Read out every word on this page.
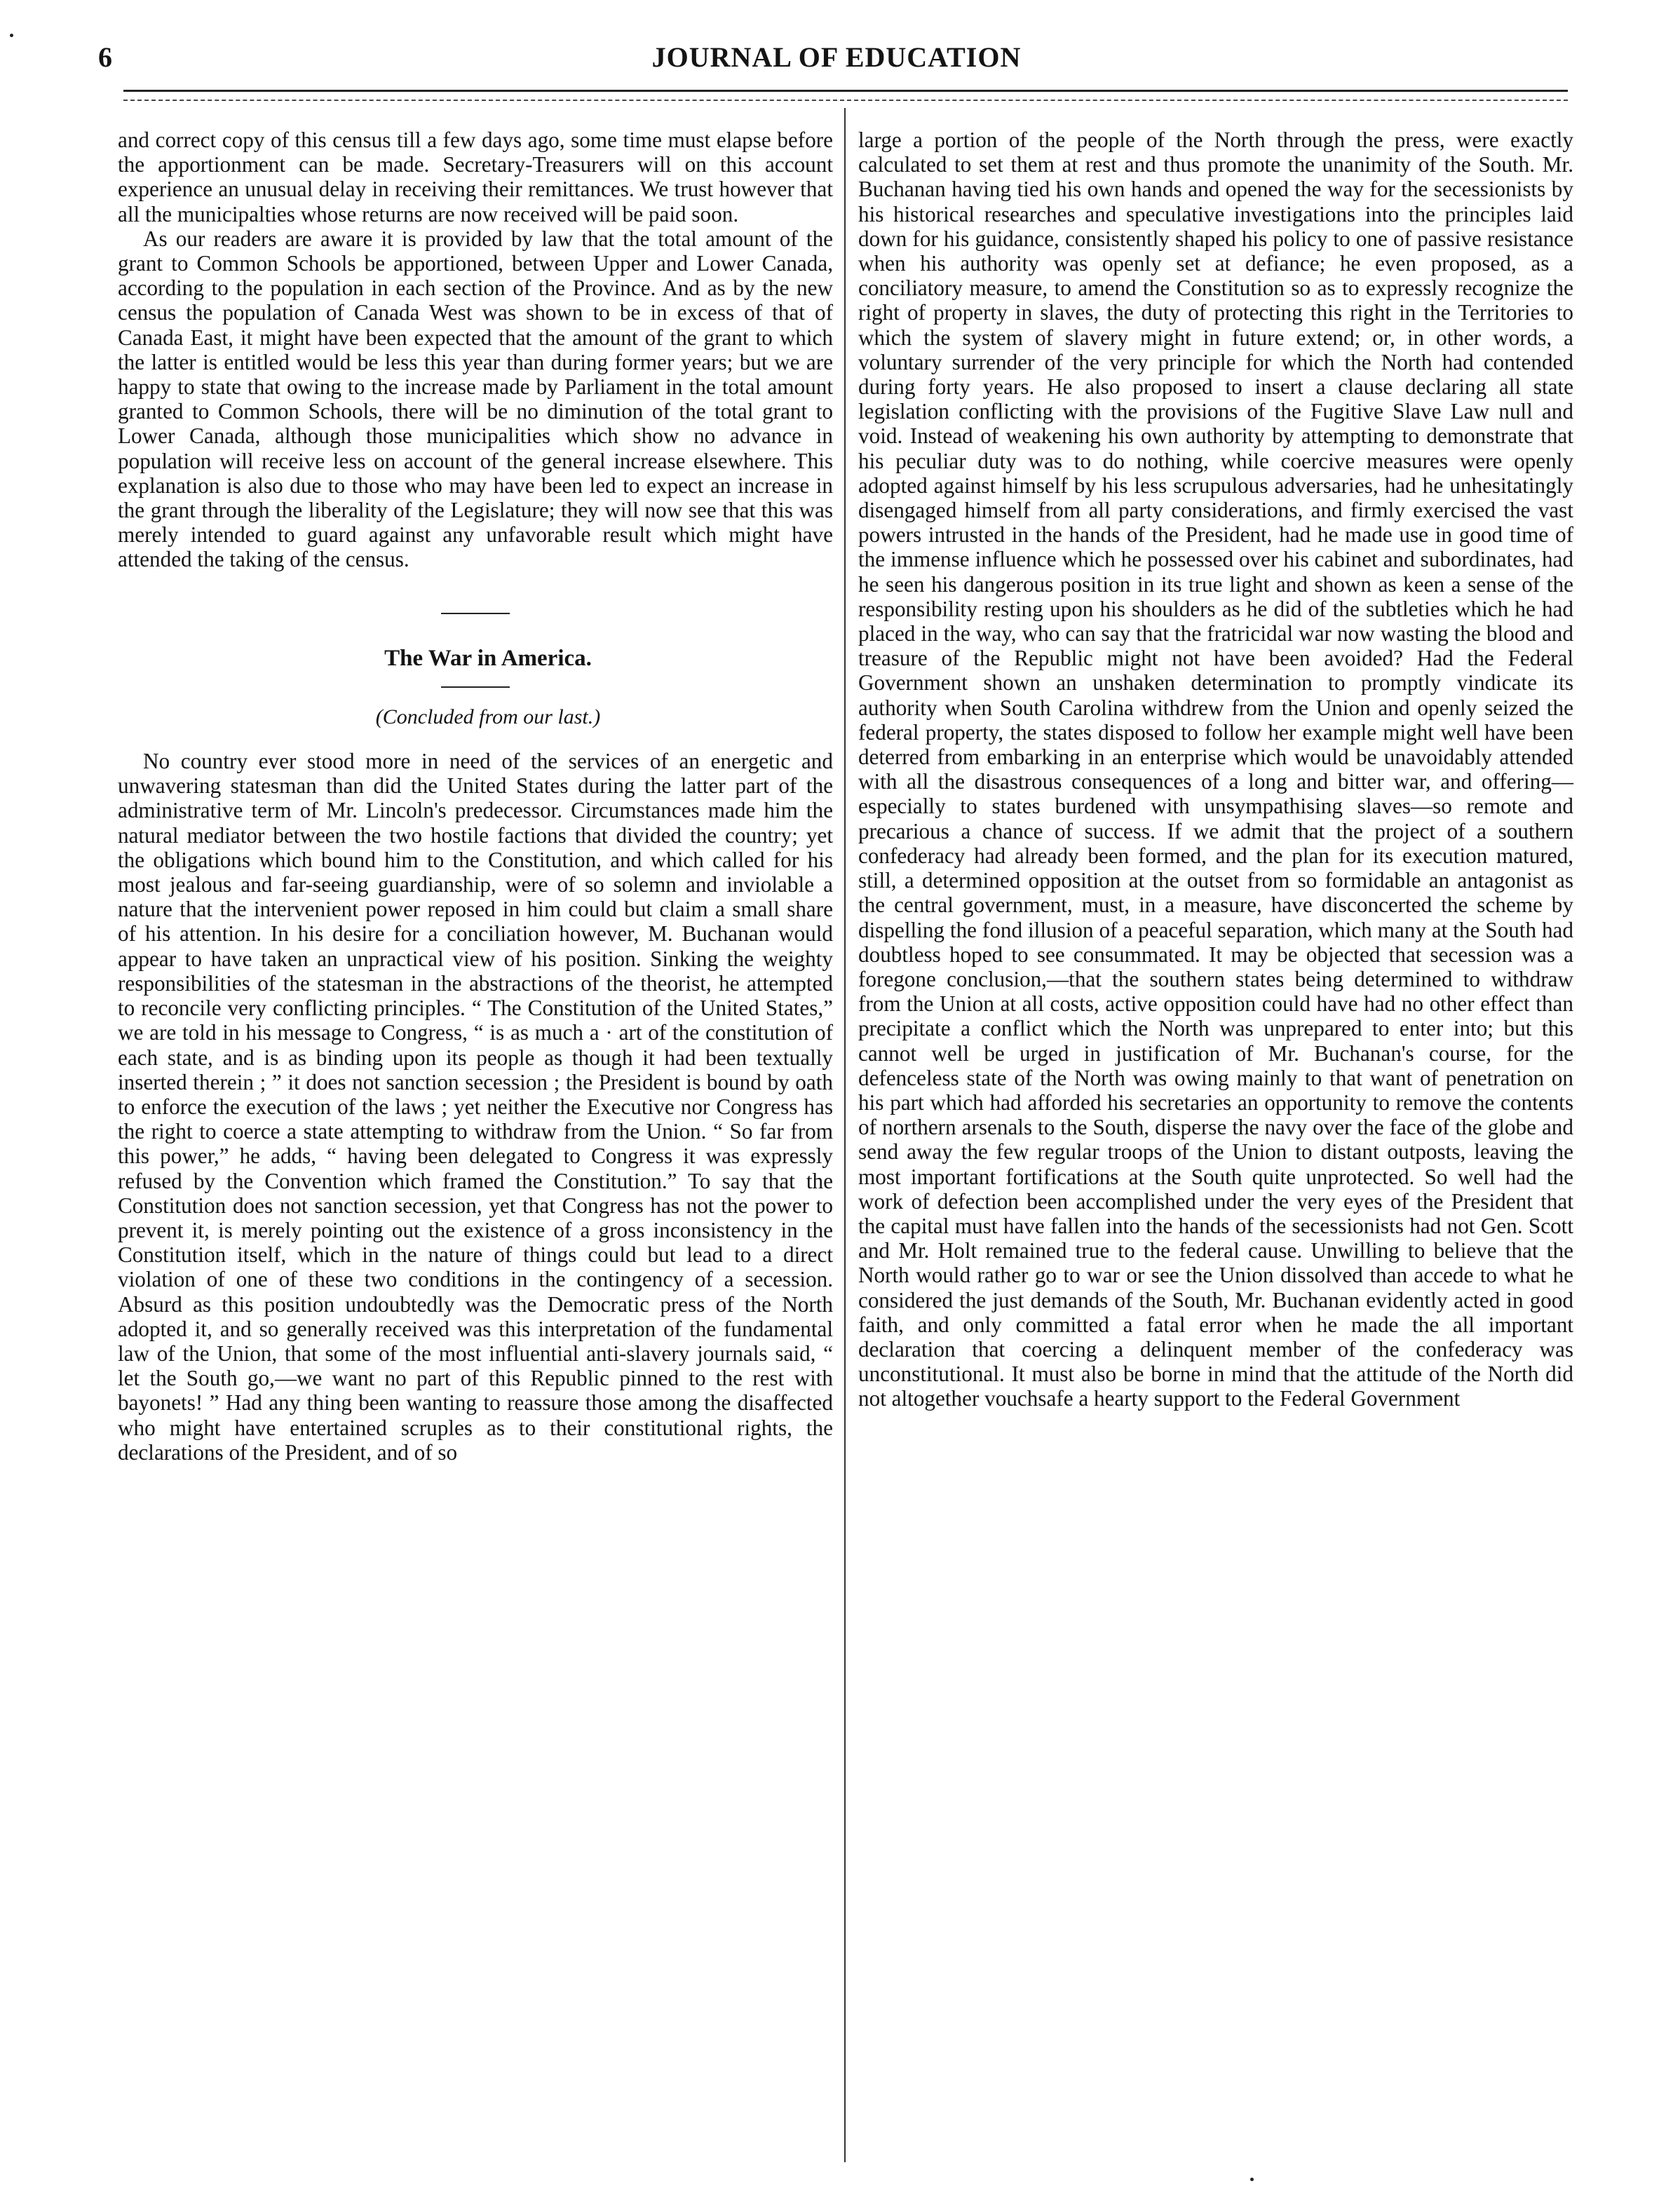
6	JOURNAL OF EDUCATION

and correct copy of this census till a few days ago, some time must elapse before the apportionment can be made. Secretary-Treasurers will on this account experience an unusual delay in receiving their remittances. We trust however that all the municipalties whose returns are now received will be paid soon.

As our readers are aware it is provided by law that the total amount of the grant to Common Schools be apportioned, between Upper and Lower Canada, according to the population in each section of the Province. And as by the new census the population of Canada West was shown to be in excess of that of Canada East, it might have been expected that the amount of the grant to which the latter is entitled would be less this year than during former years; but we are happy to state that owing to the increase made by Parliament in the total amount granted to Common Schools, there will be no diminution of the total grant to Lower Canada, although those municipalities which show no advance in population will receive less on account of the general increase elsewhere. This explanation is also due to those who may have been led to expect an increase in the grant through the liberality of the Legislature; they will now see that this was merely intended to guard against any unfavorable result which might have attended the taking of the census.

The War in America.

(Concluded from our last.)

No country ever stood more in need of the services of an energetic and unwavering statesman than did the United States during the latter part of the administrative term of Mr. Lincoln's predecessor. Circumstances made him the natural mediator between the two hostile factions that divided the country; yet the obligations which bound him to the Constitution, and which called for his most jealous and far-seeing guardianship, were of so solemn and inviolable a nature that the intervenient power reposed in him could but claim a small share of his attention. In his desire for a conciliation however, M. Buchanan would appear to have taken an unpractical view of his position. Sinking the weighty responsibilities of the statesman in the abstractions of the theorist, he attempted to reconcile very conflicting principles. “ The Constitution of the United States,” we are told in his message to Congress, “ is as much a · art of the constitution of each state, and is as binding upon its people as though it had been textually inserted therein ; ” it does not sanction secession ; the President is bound by oath to enforce the execution of the laws ; yet neither the Executive nor Congress has the right to coerce a state attempting to withdraw from the Union. “ So far from this power,” he adds, “ having been delegated to Congress it was expressly refused by the Convention which framed the Constitution.” To say that the Constitution does not sanction secession, yet that Congress has not the power to prevent it, is merely pointing out the existence of a gross inconsistency in the Constitution itself, which in the nature of things could but lead to a direct violation of one of these two conditions in the contingency of a secession. Absurd as this position undoubtedly was the Democratic press of the North adopted it, and so generally received was this interpretation of the fundamental law of the Union, that some of the most influential anti-slavery journals said, “ let the South go,—we want no part of this Republic pinned to the rest with bayonets! ” Had any thing been wanting to reassure those among the disaffected who might have entertained scruples as to their constitutional rights, the declarations of the President, and of so

large a portion of the people of the North through the press, were exactly calculated to set them at rest and thus promote the unanimity of the South. Mr. Buchanan having tied his own hands and opened the way for the secessionists by his historical researches and speculative investigations into the principles laid down for his guidance, consistently shaped his policy to one of passive resistance when his authority was openly set at defiance; he even proposed, as a conciliatory measure, to amend the Constitution so as to expressly recognize the right of property in slaves, the duty of protecting this right in the Territories to which the system of slavery might in future extend; or, in other words, a voluntary surrender of the very principle for which the North had contended during forty years. He also proposed to insert a clause declaring all state legislation conflicting with the provisions of the Fugitive Slave Law null and void. Instead of weakening his own authority by attempting to demonstrate that his peculiar duty was to do nothing, while coercive measures were openly adopted against himself by his less scrupulous adversaries, had he unhesitatingly disengaged himself from all party considerations, and firmly exercised the vast powers intrusted in the hands of the President, had he made use in good time of the immense influence which he possessed over his cabinet and subordinates, had he seen his dangerous position in its true light and shown as keen a sense of the responsibility resting upon his shoulders as he did of the subtleties which he had placed in the way, who can say that the fratricidal war now wasting the blood and treasure of the Republic might not have been avoided? Had the Federal Government shown an unshaken determination to promptly vindicate its authority when South Carolina withdrew from the Union and openly seized the federal property, the states disposed to follow her example might well have been deterred from embarking in an enterprise which would be unavoidably attended with all the disastrous consequences of a long and bitter war, and offering—especially to states burdened with unsympathising slaves—so remote and precarious a chance of success. If we admit that the project of a southern confederacy had already been formed, and the plan for its execution matured, still, a determined opposition at the outset from so formidable an antagonist as the central government, must, in a measure, have disconcerted the scheme by dispelling the fond illusion of a peaceful separation, which many at the South had doubtless hoped to see consummated. It may be objected that secession was a foregone conclusion,—that the southern states being determined to withdraw from the Union at all costs, active opposition could have had no other effect than precipitate a conflict which the North was unprepared to enter into; but this cannot well be urged in justification of Mr. Buchanan's course, for the defenceless state of the North was owing mainly to that want of penetration on his part which had afforded his secretaries an opportunity to remove the contents of northern arsenals to the South, disperse the navy over the face of the globe and send away the few regular troops of the Union to distant outposts, leaving the most important fortifications at the South quite unprotected. So well had the work of defection been accomplished under the very eyes of the President that the capital must have fallen into the hands of the secessionists had not Gen. Scott and Mr. Holt remained true to the federal cause. Unwilling to believe that the North would rather go to war or see the Union dissolved than accede to what he considered the just demands of the South, Mr. Buchanan evidently acted in good faith, and only committed a fatal error when he made the all important declaration that coercing a delinquent member of the confederacy was unconstitutional. It must also be borne in mind that the attitude of the North did not altogether vouchsafe a hearty support to the Federal Government
